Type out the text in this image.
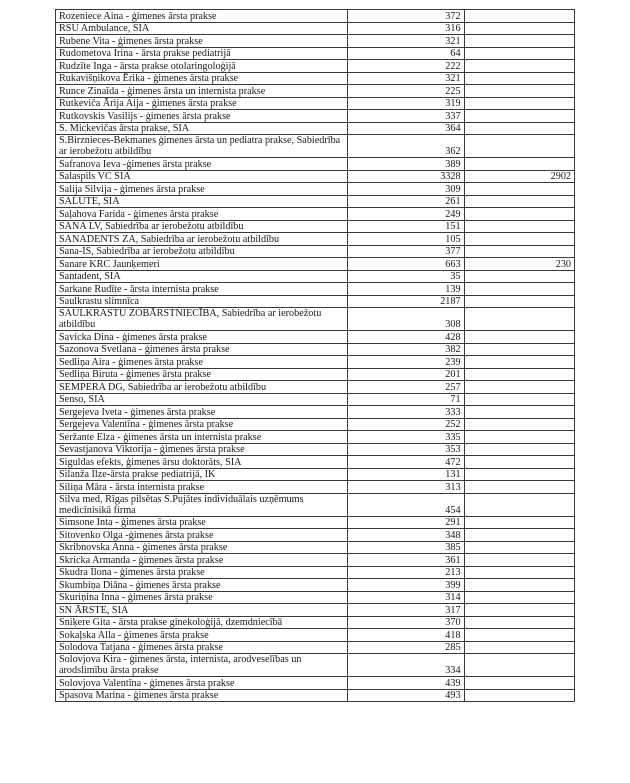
Rozeniece Aina - ģimenes ārsta prakse	372	
RSU Ambulance, SIA	316	
Rubene Vita - ģimenes ārsta prakse	321	
Rudometova Irina - ārsta prakse pediatrijā	64	
Rudzīte Inga - ārsta prakse otolaringoloģijā	222	
Rukavišņikova Ērika - ģimenes ārsta prakse	321	
Runce Zinaīda - ģimenes ārsta un internista prakse	225	
Rutkeviča Ārija Aija - ģimenes ārsta prakse	319	
Rutkovskis Vasilijs - ģimenes ārsta prakse	337	
S. Mickevičas ārsta prakse, SIA	364	
S.Birznieces-Bekmanes ģimenes ārsta un pediatra prakse, Sabiedrība ar ierobežotu atbildību	362	
Safranova Ieva -ģimenes ārsta prakse	389	
Salaspils VC SIA	3328	2902
Salija Silvija - ģimenes ārsta prakse	309	
SALŪTE, SIA	261	
Saļahova Farida - ģimenes ārsta prakse	249	
SANA LV, Sabiedrība ar ierobežotu atbildību	151	
SANADENTS ZA, Sabiedrība ar ierobežotu atbildību	105	
Sana-IS, Sabiedrība ar ierobežotu atbildību	377	
Sanare KRC Jaunķemeri	663	230
Santadent, SIA	35	
Sarkane Rudīte - ārsta internista prakse	139	
Saulkrastu slimnīca	2187	
SAULKRASTU ZOBĀRSTNIECĪBA, Sabiedrība ar ierobežotu atbildību	308	
Savicka Dina - ģimenes ārsta prakse	428	
Sazonova Svetlana - ģimenes ārsta prakse	382	
Sedliņa Aira - ģimenes ārsta prakse	239	
Sedliņa Biruta - ģimenes ārsta prakse	201	
SEMPERA DG, Sabiedrība ar ierobežotu atbildību	257	
Senso, SIA	71	
Sergejeva Iveta - ģimenes ārsta prakse	333	
Sergejeva Valentīna - ģimenes ārsta prakse	252	
Seržante Elza - ģimenes ārsta un internista prakse	335	
Sevastjanova Viktorija - ģimenes ārsta prakse	353	
Siguldas efekts, ģimenes ārsu doktorāts, SIA	472	
Silanža Ilze-ārsta prakse pediatrijā, IK	131	
Siliņa Māra - ārsta internista prakse	313	
Silva med, Rīgas pilsētas S.Pujātes individuālais uzņēmums medicīnisikā firma	454	
Simsone Inta - ģimenes ārsta prakse	291	
Sitovenko Olga -ģimenes ārsta prakse	348	
Skribnovska Anna - ģimenes ārsta prakse	385	
Skricka Armanda - ģimenes ārsta prakse	361	
Skudra Ilona - ģimenes ārsta prakse	213	
Skumbiņa Diāna - ģimenes ārsta prakse	399	
Skuriņina Inna - ģimenes ārsta prakse	314	
SN ĀRSTE, SIA	317	
Sniķere Gita - ārsta prakse ginekoloģijā, dzemdniecībā	370	
Sokaļska Alla - ģimenes ārsta prakse	418	
Solodova Tatjana - ģimenes ārsta prakse	285	
Solovjova Kira - ģimenes ārsta, internista, arodveselības un arodslimību ārsta prakse	334	
Solovjova Valentīna - ģimenes ārsta prakse	439	
Spasova Marina - ģimenes ārsta prakse	493	
